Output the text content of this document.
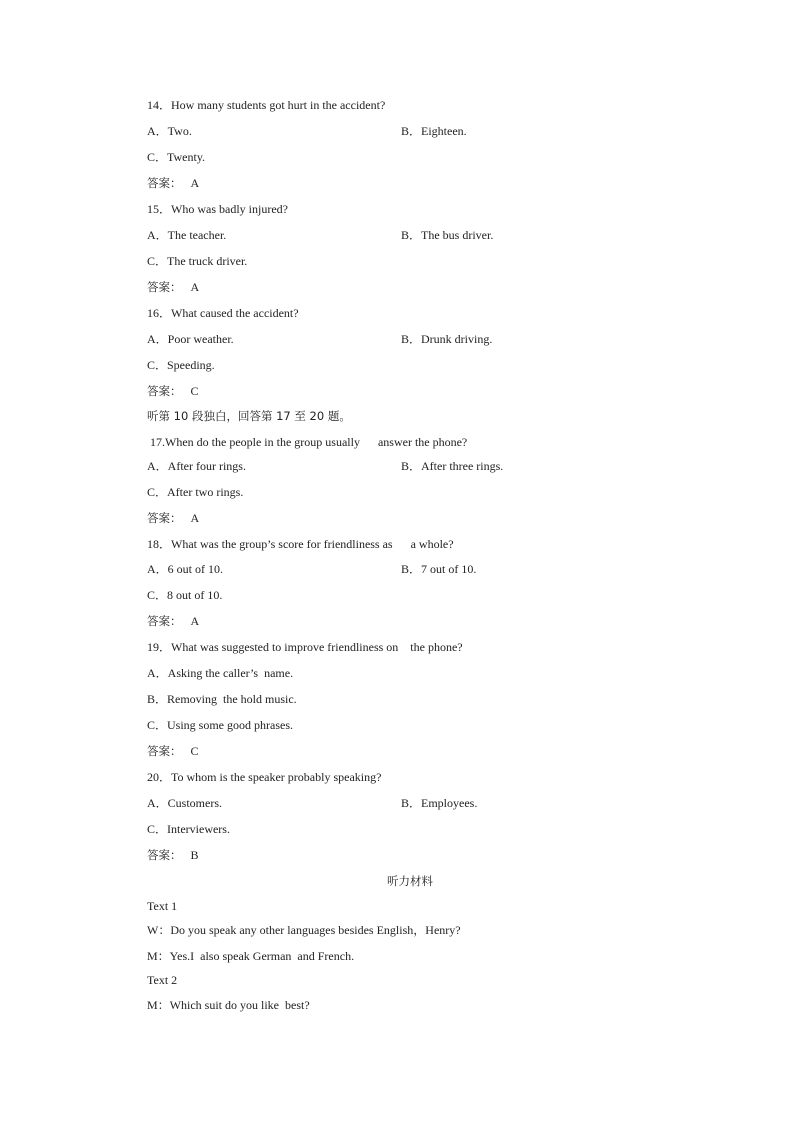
14．How many students got hurt in the accident?
A．Two.	B．Eighteen.
C．Twenty.
答案： A
15．Who was badly injured?
A．The teacher.	B．The bus driver.
C．The truck driver.
答案： A
16．What caused the accident?
A．Poor weather.	B．Drunk driving.
C．Speeding.
答案： C
听第 10 段独白，回答第 17 至 20 题。
17.When do the people in the group usually      answer the phone?
A．After four rings.	B．After three rings.
C．After two rings.
答案： A
18．What was the group’s score for friendliness as      a whole?
A．6 out of 10.	B．7 out of 10.
C．8 out of 10.
答案： A
19．What was suggested to improve friendliness on    the phone?
A．Asking the caller’s  name.
B．Removing  the hold music.
C．Using some good phrases.
答案： C
20．To whom is the speaker probably speaking?
A．Customers.	B．Employees.
C．Interviewers.
答案： B
听力材料
Text 1
W：Do you speak any other languages besides English，Henry?
M：Yes.I  also speak German  and French.
Text 2
M：Which suit do you like  best?
